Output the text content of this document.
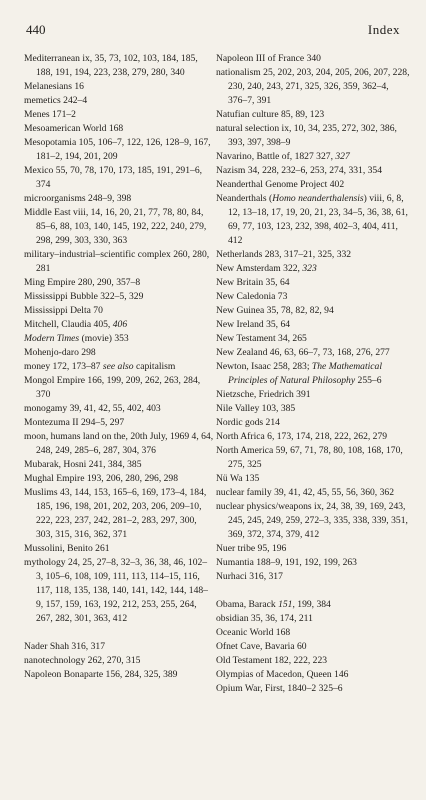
440	Index

Mediterranean ix, 35, 73, 102, 103, 184, 185, 188, 191, 194, 223, 238, 279, 280, 340

Melanesians 16

memetics 242–4

Menes 171–2

Mesoamerican World 168

Mesopotamia 105, 106–7, 122, 126, 128–9, 167, 181–2, 194, 201, 209

Mexico 55, 70, 78, 170, 173, 185, 191, 291–6, 374

microorganisms 248–9, 398

Middle East viii, 14, 16, 20, 21, 77, 78, 80, 84, 85–6, 88, 103, 140, 145, 192, 222, 240, 279, 298, 299, 303, 330, 363

military–industrial–scientific complex 260, 280, 281

Ming Empire 280, 290, 357–8

Mississippi Bubble 322–5, 329

Mississippi Delta 70

Mitchell, Claudia 405, 406

Modern Times (movie) 353

Mohenjo-daro 298

money 172, 173–87 see also capitalism

Mongol Empire 166, 199, 209, 262, 263, 284, 370

monogamy 39, 41, 42, 55, 402, 403

Montezuma II 294–5, 297

moon, humans land on the, 20th July, 1969 4, 64, 248, 249, 285–6, 287, 304, 376

Mubarak, Hosni 241, 384, 385

Mughal Empire 193, 206, 280, 296, 298

Muslims 43, 144, 153, 165–6, 169, 173–4, 184, 185, 196, 198, 201, 202, 203, 206, 209–10, 222, 223, 237, 242, 281–2, 283, 297, 300, 303, 315, 316, 362, 371

Mussolini, Benito 261

mythology 24, 25, 27–8, 32–3, 36, 38, 46, 102–3, 105–6, 108, 109, 111, 113, 114–15, 116, 117, 118, 135, 138, 140, 141, 142, 144, 148–9, 157, 159, 163, 192, 212, 253, 255, 264, 267, 282, 301, 363, 412

Nader Shah 316, 317

nanotechnology 262, 270, 315

Napoleon Bonaparte 156, 284, 325, 389

Napoleon III of France 340

nationalism 25, 202, 203, 204, 205, 206, 207, 228, 230, 240, 243, 271, 325, 326, 359, 362–4, 376–7, 391

Natufian culture 85, 89, 123

natural selection ix, 10, 34, 235, 272, 302, 386, 393, 397, 398–9

Navarino, Battle of, 1827 327, 327

Nazism 34, 228, 232–6, 253, 274, 331, 354

Neanderthal Genome Project 402

Neanderthals (Homo neanderthalensis) viii, 6, 8, 12, 13–18, 17, 19, 20, 21, 23, 34–5, 36, 38, 61, 69, 77, 103, 123, 232, 398, 402–3, 404, 411, 412

Netherlands 283, 317–21, 325, 332

New Amsterdam 322, 323

New Britain 35, 64

New Caledonia 73

New Guinea 35, 78, 82, 82, 94

New Ireland 35, 64

New Testament 34, 265

New Zealand 46, 63, 66–7, 73, 168, 276, 277

Newton, Isaac 258, 283; The Mathematical Principles of Natural Philosophy 255–6

Nietzsche, Friedrich 391

Nile Valley 103, 385

Nordic gods 214

North Africa 6, 173, 174, 218, 222, 262, 279

North America 59, 67, 71, 78, 80, 108, 168, 170, 275, 325

Nü Wa 135

nuclear family 39, 41, 42, 45, 55, 56, 360, 362

nuclear physics/weapons ix, 24, 38, 39, 169, 243, 245, 245, 249, 259, 272–3, 335, 338, 339, 351, 369, 372, 374, 379, 412

Nuer tribe 95, 196

Numantia 188–9, 191, 192, 199, 263

Nurhaci 316, 317

Obama, Barack 151, 199, 384

obsidian 35, 36, 174, 211

Oceanic World 168

Ofnet Cave, Bavaria 60

Old Testament 182, 222, 223

Olympias of Macedon, Queen 146

Opium War, First, 1840–2 325–6
